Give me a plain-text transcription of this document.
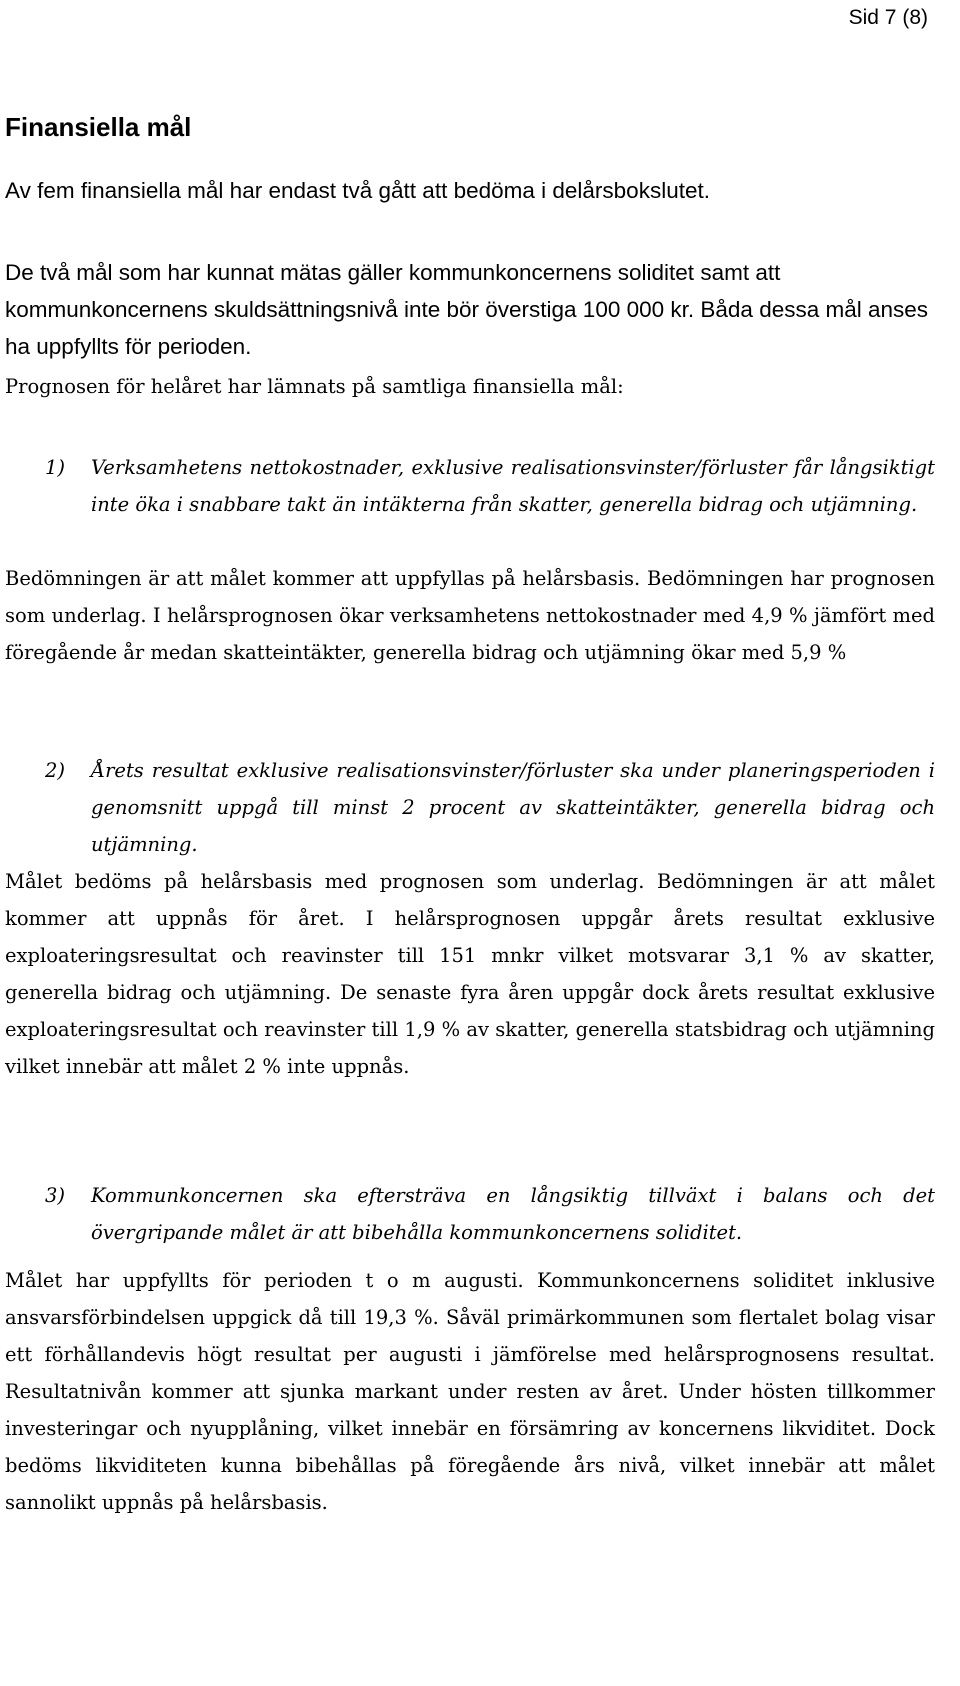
Sid 7 (8)
Finansiella mål

Av fem finansiella mål har endast två gått att bedöma i delårsbokslutet.

De två mål som har kunnat mätas gäller kommunkoncernens soliditet samt att kommunkoncernens skuldsättningsnivå inte bör överstiga 100 000 kr. Båda dessa mål anses ha uppfyllts för perioden.

Prognosen för helåret har lämnats på samtliga finansiella mål:

1)	Verksamhetens nettokostnader, exklusive realisationsvinster/förluster får långsiktigt inte öka i snabbare takt än intäkterna från skatter, generella bidrag och utjämning.

Bedömningen är att målet kommer att uppfyllas på helårsbasis. Bedömningen har prognosen som underlag. I helårsprognosen ökar verksamhetens nettokostnader med 4,9 % jämfört med föregående år medan skatteintäkter, generella bidrag och utjämning ökar med 5,9 %

2)	Årets resultat exklusive realisationsvinster/förluster ska under planeringsperioden i genomsnitt uppgå till minst 2 procent av skatteintäkter, generella bidrag och utjämning.

Målet bedöms på helårsbasis med prognosen som underlag. Bedömningen är att målet kommer att uppnås för året. I helårsprognosen uppgår årets resultat exklusive exploateringsresultat och reavinster till 151 mnkr vilket motsvarar 3,1 % av skatter, generella bidrag och utjämning. De senaste fyra åren uppgår dock årets resultat exklusive exploateringsresultat och reavinster till 1,9 % av skatter, generella statsbidrag och utjämning vilket innebär att målet 2 % inte uppnås.

3)	Kommunkoncernen ska eftersträva en långsiktig tillväxt i balans och det övergripande målet är att bibehålla kommunkoncernens soliditet.

Målet har uppfyllts för perioden t o m augusti. Kommunkoncernens soliditet inklusive ansvarsförbindelsen uppgick då till 19,3 %. Såväl primärkommunen som flertalet bolag visar ett förhållandevis högt resultat per augusti i jämförelse med helårsprognosens resultat. Resultatnivån kommer att sjunka markant under resten av året. Under hösten tillkommer investeringar och nyupplåning, vilket innebär en försämring av koncernens likviditet. Dock bedöms likviditeten kunna bibehållas på föregående års nivå, vilket innebär att målet sannolikt uppnås på helårsbasis.
